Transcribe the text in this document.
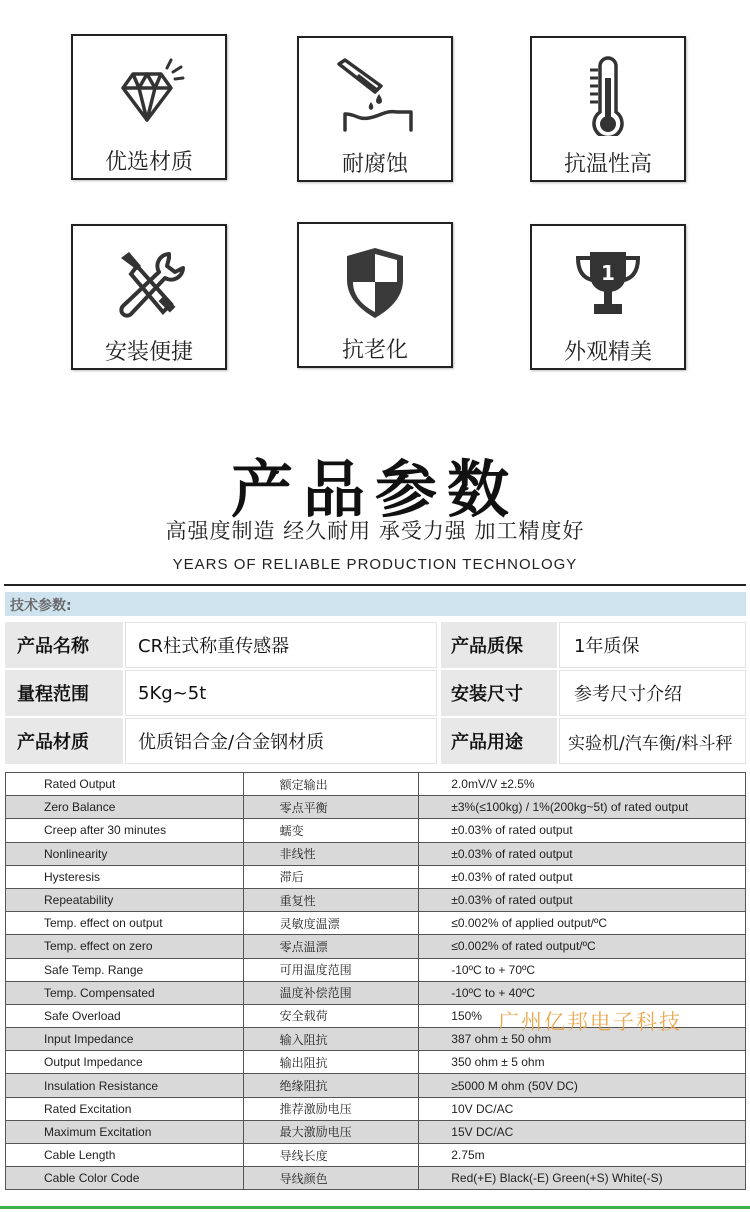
优选材质	耐腐蚀	抗温性高
安装便捷	抗老化
1
外观精美
产品参数
高强度制造 经久耐用 承受力强 加工精度好
YEARS OF RELIABLE PRODUCTION TECHNOLOGY
技术参数:
产品名称	CR柱式称重传感器	产品质保	1年质保
量程范围	5Kg~5t	安装尺寸	参考尺寸介绍
产品材质	优质铝合金/合金钢材质	产品用途	实验机/汽车衡/料斗秤
Rated Output	额定输出	2.0mV/V ±2.5%
Zero Balance	零点平衡	±3%(≤100kg) / 1%(200kg~5t) of rated output
Creep after 30 minutes	蠕变	±0.03% of rated output
Nonlinearity	非线性	±0.03% of rated output
Hysteresis	滞后	±0.03% of rated output
Repeatability	重复性	±0.03% of rated output
Temp. effect on output	灵敏度温漂	≤0.002% of applied output/ºC
Temp. effect on zero	零点温漂	≤0.002% of rated output/ºC
Safe Temp. Range	可用温度范围	-10ºC to + 70ºC
Temp. Compensated	温度补偿范围	-10ºC to + 40ºC
Safe Overload	安全载荷	150%
Input Impedance	输入阻抗	387 ohm ± 50 ohm
Output Impedance	输出阻抗	350 ohm ± 5 ohm
Insulation Resistance	绝缘阻抗	≥5000 M ohm (50V DC)
Rated Excitation	推荐激励电压	10V DC/AC
Maximum Excitation	最大激励电压	15V DC/AC
Cable Length	导线长度	2.75m
Cable Color Code	导线颜色	Red(+E) Black(-E) Green(+S) White(-S)
广州亿邦电子科技
